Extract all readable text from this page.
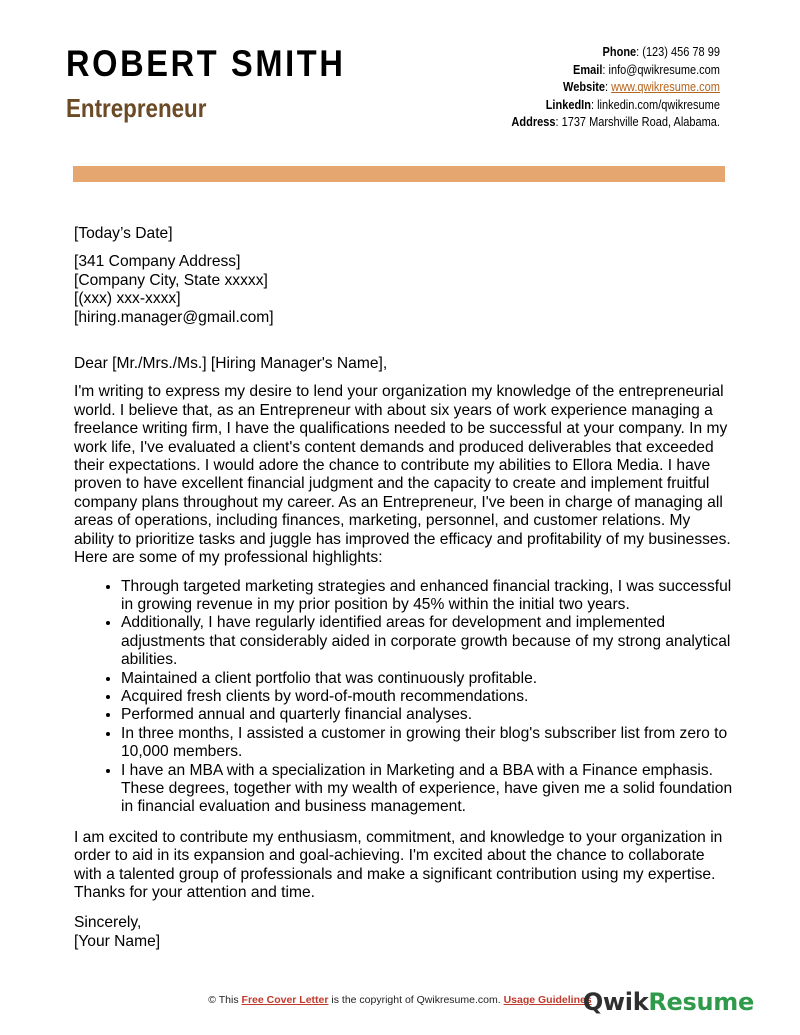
ROBERT SMITH
Entrepreneur
Phone: (123) 456 78 99
Email: info@qwikresume.com
Website: www.qwikresume.com
LinkedIn: linkedin.com/qwikresume
Address: 1737 Marshville Road, Alabama.

[Today’s Date]

[341 Company Address]

[Company City, State xxxxx]

[(xxx) xxx-xxxx]

[hiring.manager@gmail.com]

Dear [Mr./Mrs./Ms.] [Hiring Manager's Name],

I'm writing to express my desire to lend your organization my knowledge of the entrepreneurial world. I believe that, as an Entrepreneur with about six years of work experience managing a freelance writing firm, I have the qualifications needed to be successful at your company. In my work life, I've evaluated a client's content demands and produced deliverables that exceeded their expectations. I would adore the chance to contribute my abilities to Ellora Media. I have proven to have excellent financial judgment and the capacity to create and implement fruitful company plans throughout my career. As an Entrepreneur, I've been in charge of managing all areas of operations, including finances, marketing, personnel, and customer relations. My ability to prioritize tasks and juggle has improved the efficacy and profitability of my businesses. Here are some of my professional highlights:

• Through targeted marketing strategies and enhanced financial tracking, I was successful in growing revenue in my prior position by 45% within the initial two years.
• Additionally, I have regularly identified areas for development and implemented adjustments that considerably aided in corporate growth because of my strong analytical abilities.
• Maintained a client portfolio that was continuously profitable.
• Acquired fresh clients by word-of-mouth recommendations.
• Performed annual and quarterly financial analyses.
• In three months, I assisted a customer in growing their blog's subscriber list from zero to 10,000 members.
• I have an MBA with a specialization in Marketing and a BBA with a Finance emphasis. These degrees, together with my wealth of experience, have given me a solid foundation in financial evaluation and business management.

I am excited to contribute my enthusiasm, commitment, and knowledge to your organization in order to aid in its expansion and goal-achieving. I'm excited about the chance to collaborate with a talented group of professionals and make a significant contribution using my expertise. Thanks for your attention and time.

Sincerely,

[Your Name]

© This Free Cover Letter is the copyright of Qwikresume.com. Usage Guidelines
QwikResume
